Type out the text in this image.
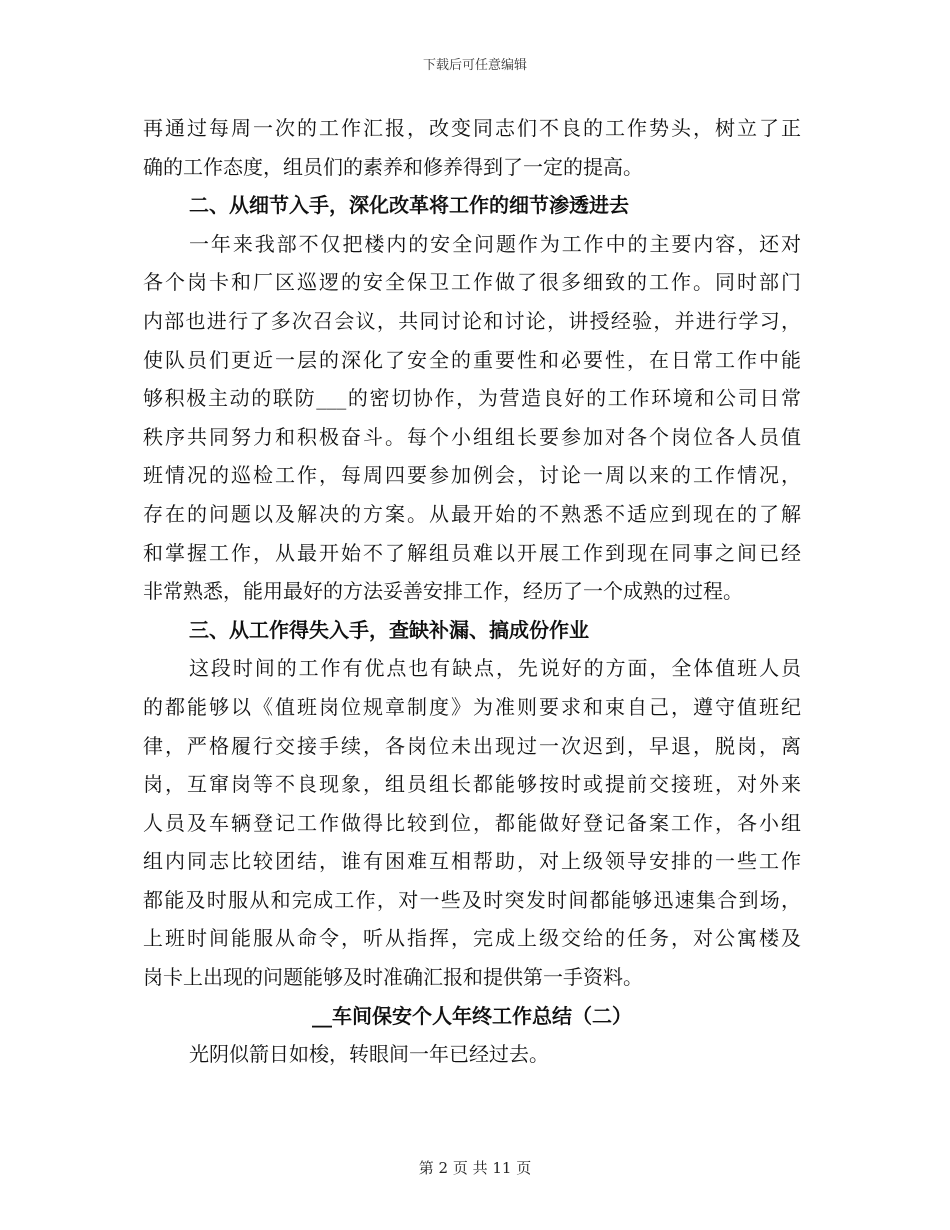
下载后可任意编辑
再通过每周一次的工作汇报，改变同志们不良的工作势头，树立了正
确的工作态度，组员们的素养和修养得到了一定的提高。
二、从细节入手，深化改革将工作的细节渗透进去
一年来我部不仅把楼内的安全问题作为工作中的主要内容，还对
各个岗卡和厂区巡逻的安全保卫工作做了很多细致的工作。同时部门
内部也进行了多次召会议，共同讨论和讨论，讲授经验，并进行学习，
使队员们更近一层的深化了安全的重要性和必要性，在日常工作中能
够积极主动的联防___的密切协作，为营造良好的工作环境和公司日常
秩序共同努力和积极奋斗。每个小组组长要参加对各个岗位各人员值
班情况的巡检工作，每周四要参加例会，讨论一周以来的工作情况，
存在的问题以及解决的方案。从最开始的不熟悉不适应到现在的了解
和掌握工作，从最开始不了解组员难以开展工作到现在同事之间已经
非常熟悉，能用最好的方法妥善安排工作，经历了一个成熟的过程。
三、从工作得失入手，查缺补漏、搞成份作业
这段时间的工作有优点也有缺点，先说好的方面，全体值班人员
的都能够以《值班岗位规章制度》为准则要求和束自己，遵守值班纪
律，严格履行交接手续，各岗位未出现过一次迟到，早退，脱岗，离
岗，互窜岗等不良现象，组员组长都能够按时或提前交接班，对外来
人员及车辆登记工作做得比较到位，都能做好登记备案工作，各小组
组内同志比较团结，谁有困难互相帮助，对上级领导安排的一些工作
都能及时服从和完成工作，对一些及时突发时间都能够迅速集合到场，
上班时间能服从命令，听从指挥，完成上级交给的任务，对公寓楼及
岗卡上出现的问题能够及时准确汇报和提供第一手资料。
__车间保安个人年终工作总结（二）
光阴似箭日如梭，转眼间一年已经过去。
第 2 页 共 11 页
